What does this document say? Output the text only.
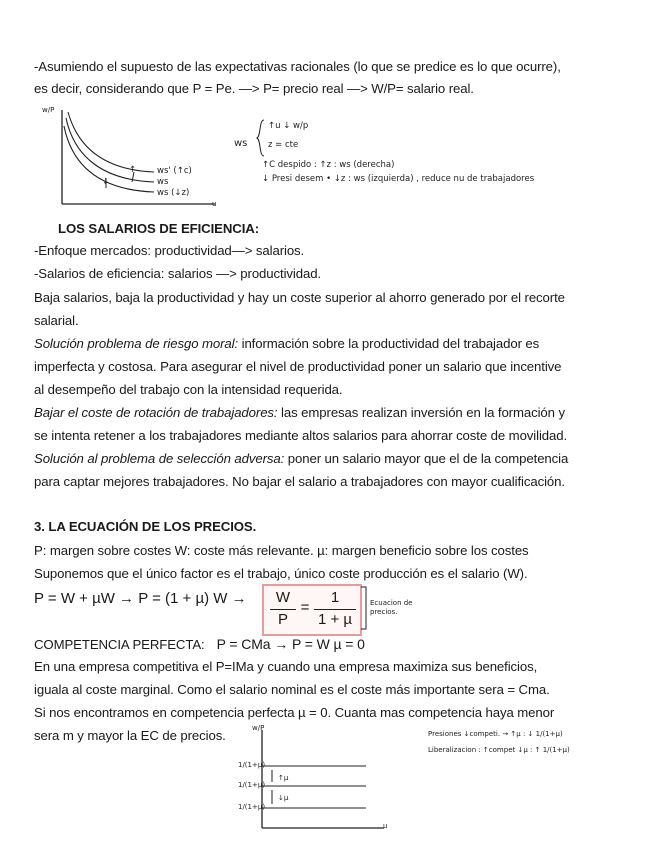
-Asumiendo el supuesto de las expectativas racionales (lo que se predice es lo que ocurre),
es decir, considerando que P = Pe. —> P= precio real —> W/P= salario real.
w/P
u
ws' (↑c)
ws
ws (↓z)
↑
↓
ws
↑u ↓ w/p
z = cte
↑C despido : ↑z : ws (derecha)
↓ Presi desem • ↓z : ws (izquierda) , reduce nu de trabajadores
LOS SALARIOS DE EFICIENCIA:
-Enfoque mercados: productividad—> salarios.
-Salarios de eficiencia: salarios —> productividad.
Baja salarios, baja la productividad y hay un coste superior al ahorro generado por el recorte
salarial.
Solución problema de riesgo moral: información sobre la productividad del trabajador es
imperfecta y costosa. Para asegurar el nivel de productividad poner un salario que incentive
al desempeño del trabajo con la intensidad requerida.
Bajar el coste de rotación de trabajadores: las empresas realizan inversión en la formación y
se intenta retener a los trabajadores mediante altos salarios para ahorrar coste de movilidad.
Solución al problema de selección adversa: poner un salario mayor que el de la competencia
para captar mejores trabajadores. No bajar el salario a trabajadores con mayor cualificación.
3. LA ECUACIÓN DE LOS PRECIOS.
P: margen sobre costes W: coste más relevante. µ: margen beneficio sobre los costes
Suponemos que el único factor es el trabajo, único coste producción es el salario (W).
P = W + µW → P = (1 + µ) W →	W
P
=
1
1 + µ
Ecuacion de precios.
COMPETENCIA PERFECTA: P = CMa → P = W µ = 0
En una empresa competitiva el P=IMa y cuando una empresa maximiza sus beneficios,
iguala al coste marginal. Como el salario nominal es el coste más importante sera = Cma.
Si nos encontramos en competencia perfecta µ = 0. Cuanta mas competencia haya menor
sera m y mayor la EC de precios.	w/P
u
1/(1+µ)
1/(1+µ)
1/(1+µ)
↑µ
↓µ
Presiones ↓competi. → ↑µ : ↓ 1/(1+µ)
Liberalizacion : ↑compet ↓µ : ↑ 1/(1+µ)
